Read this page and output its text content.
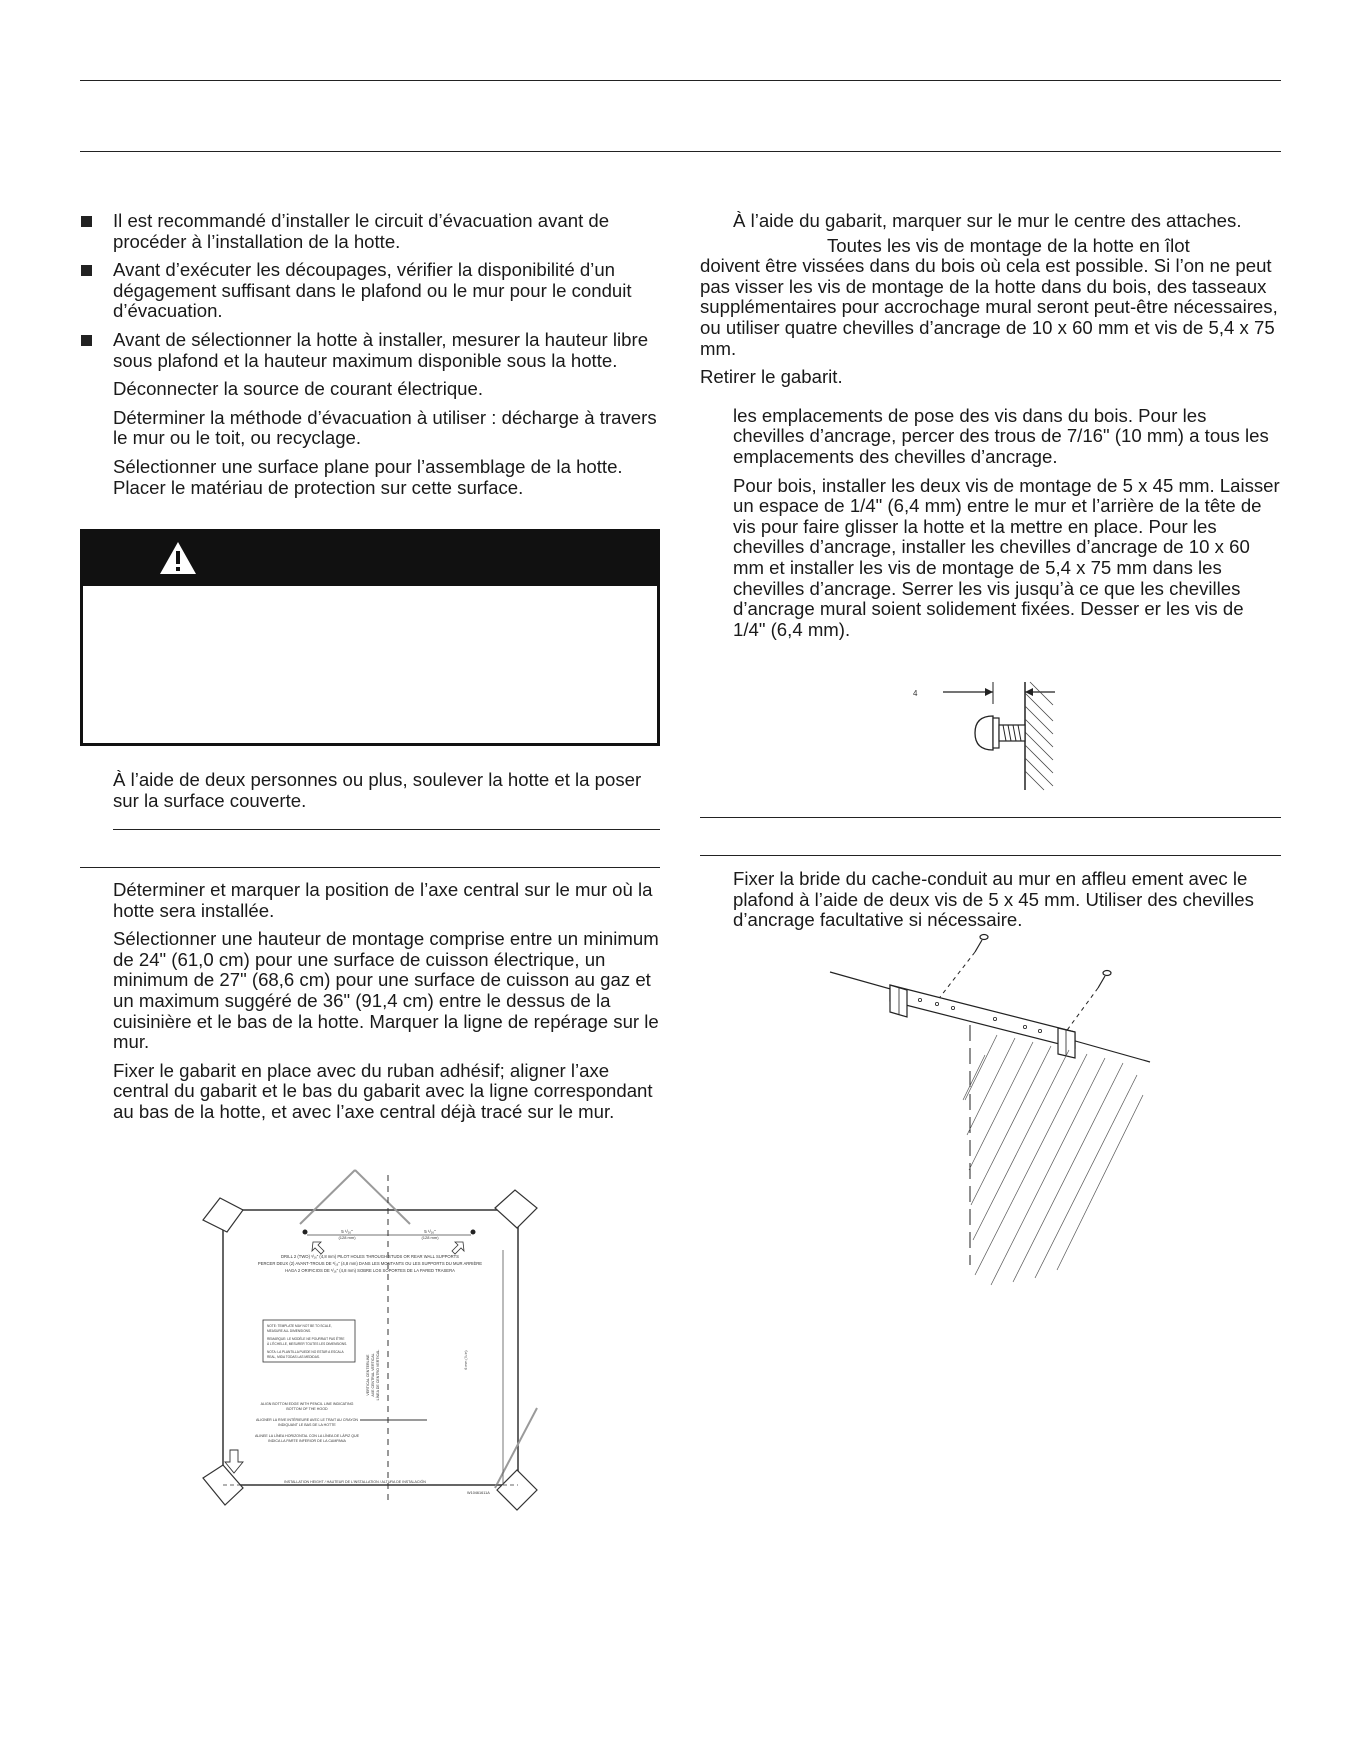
Il est recommandé d’installer le circuit d’évacuation avant de procéder à l’installation de la hotte.

Avant d’exécuter les découpages, vérifier la disponibilité d’un dégagement suffisant dans le plafond ou le mur pour le conduit d’évacuation.

Avant de sélectionner la hotte à installer, mesurer la hauteur libre sous plafond et la hauteur maximum disponible sous la hotte.

Déconnecter la source de courant électrique.

Déterminer la méthode d’évacuation à utiliser : décharge à travers le mur ou le toit, ou recyclage.

Sélectionner une surface plane pour l’assemblage de la hotte. Placer le matériau de protection sur cette surface.

À l’aide de deux personnes ou plus, soulever la hotte et la poser sur la surface couverte.

Déterminer et marquer la position de l’axe central sur le mur où la hotte sera installée.

Sélectionner une hauteur de montage comprise entre un minimum de 24" (61,0 cm) pour une surface de cuisson électrique, un minimum de 27" (68,6 cm) pour une surface de cuisson au gaz et un maximum suggéré de 36" (91,4 cm) entre le dessus de la cuisinière et le bas de la hotte. Marquer la ligne de repérage sur le mur.

Fixer le gabarit en place avec du ruban adhésif; aligner l’axe central du gabarit et le bas du gabarit avec la ligne correspondant au bas de la hotte, et avec l’axe central déjà tracé sur le mur.

5 ¹/₁₆"
(128 mm)
5 ¹/₁₆"
(128 mm)
DRILL 2 (TWO) ³/₁₆" (4,8 mm) PILOT HOLES THROUGH STUDS OR REAR WALL SUPPORTS
PERCER DEUX (2) AVANT-TROUS DE ³/₁₆" (4,8 mm) DANS LES MONTANTS OU LES SUPPORTS DU MUR ARRIÈRE
HAGA 2 ORIFICIOS DE ³/₁₆" (4,8 mm) SOBRE LOS SOPORTES DE LA PARED TRASERA
NOTE: TEMPLATE MAY NOT BE TO SCALE,
MEASURE ALL DIMENSIONS.
REMARQUE: LE MODÈLE NE POURRAIT PAS ÊTRE
À L'ÉCHELLE, MESURER TOUTES LES DIMENSIONS.
NOTA: LA PLANTILLA PUEDE NO ESTAR A ESCALA
REAL, MIDA TODAS LAS MEDIDAS.	VERTICAL CENTERLINE AXE CENTRAL VERTICAL LÍNEA DE CENTRO VERTICAL	6 mm (⅞ in)
ALIGN BOTTOM EDGE WITH PENCIL LINE INDICATING
BOTTOM OF THE HOOD
ALIGNER LA RIVE INTÉRIEURE AVEC LE TRAIT AU CRAYON
INDIQUANT LE BAS DE LA HOTTE
ALINEE LA LÍNEA HORIZONTAL CON LA LÍNEA DE LÁPIZ QUE
INDICA LA PARTE INFERIOR DE LA CAMPANA
INSTALLATION HEIGHT / HAUTEUR DE L'INSTALLATION / ALTURA DE INSTALACIÓN
W10461611A

À l’aide du gabarit, marquer sur le mur le centre des attaches.

Toutes les vis de montage de la hotte en îlot
doivent être vissées dans du bois où cela est possible. Si l’on ne peut pas visser les vis de montage de la hotte dans du bois, des tasseaux supplémentaires pour accrochage mural seront peut-être nécessaires, ou utiliser quatre chevilles d’ancrage de 10 x 60 mm et vis de 5,4 x 75 mm.

Retirer le gabarit.

les emplacements de pose des vis dans du bois. Pour les chevilles d’ancrage, percer des trous de 7/16" (10 mm) a tous les emplacements des chevilles d’ancrage.

Pour bois, installer les deux vis de montage de 5 x 45 mm. Laisser un espace de 1/4" (6,4 mm) entre le mur et l’arrière de la tête de vis pour faire glisser la hotte et la mettre en place. Pour les chevilles d’ancrage, installer les chevilles d’ancrage de 10 x 60 mm et installer les vis de montage de 5,4 x 75 mm dans les chevilles d’ancrage. Serrer les vis jusqu’à ce que les chevilles d’ancrage mural soient solidement fixées. Desser er les vis de 1/4" (6,4 mm).

4

Fixer la bride du cache-conduit au mur en affleu ement avec le plafond à l’aide de deux vis de 5 x 45 mm. Utiliser des chevilles d’ancrage facultative si nécessaire.
